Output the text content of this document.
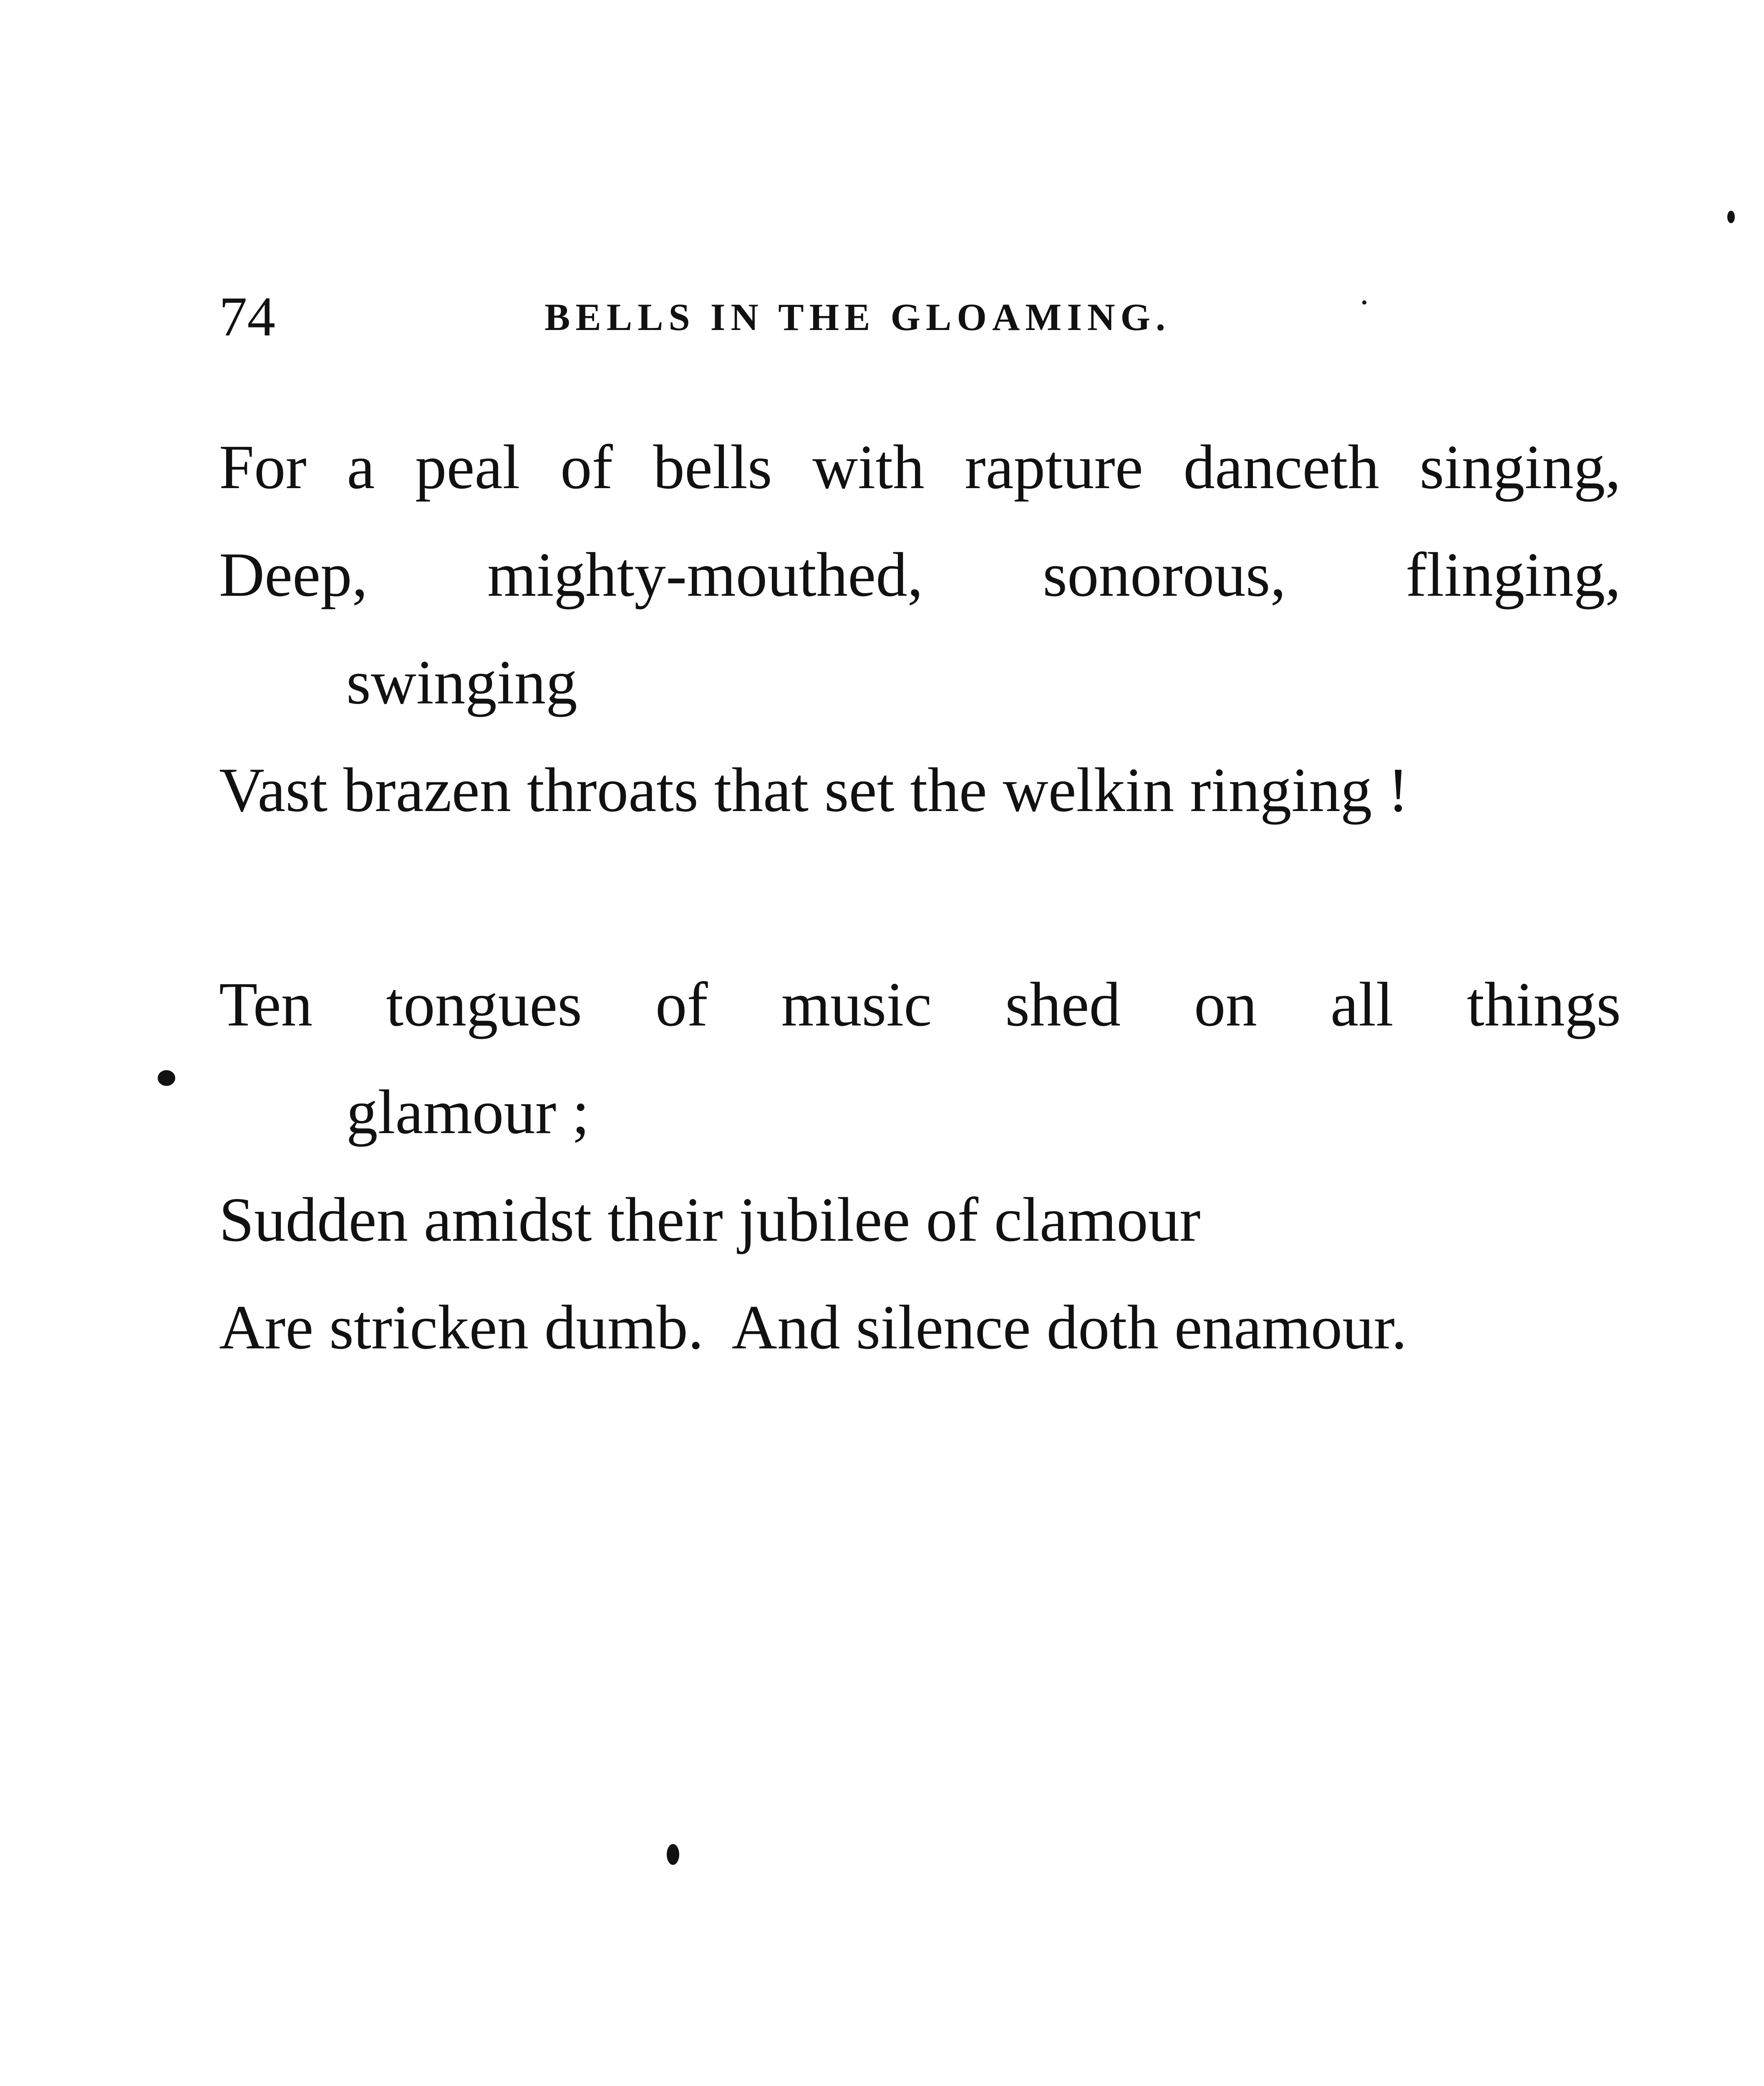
74	BELLS IN THE GLOAMING.
For a peal of bells with rapture danceth singing,
Deep, mighty-mouthed, sonorous, flinging,
swinging
Vast brazen throats that set the welkin ringing !
Ten tongues of music shed on all things
glamour ;
Sudden amidst their jubilee of clamour
Are stricken dumb.  And silence doth enamour.
